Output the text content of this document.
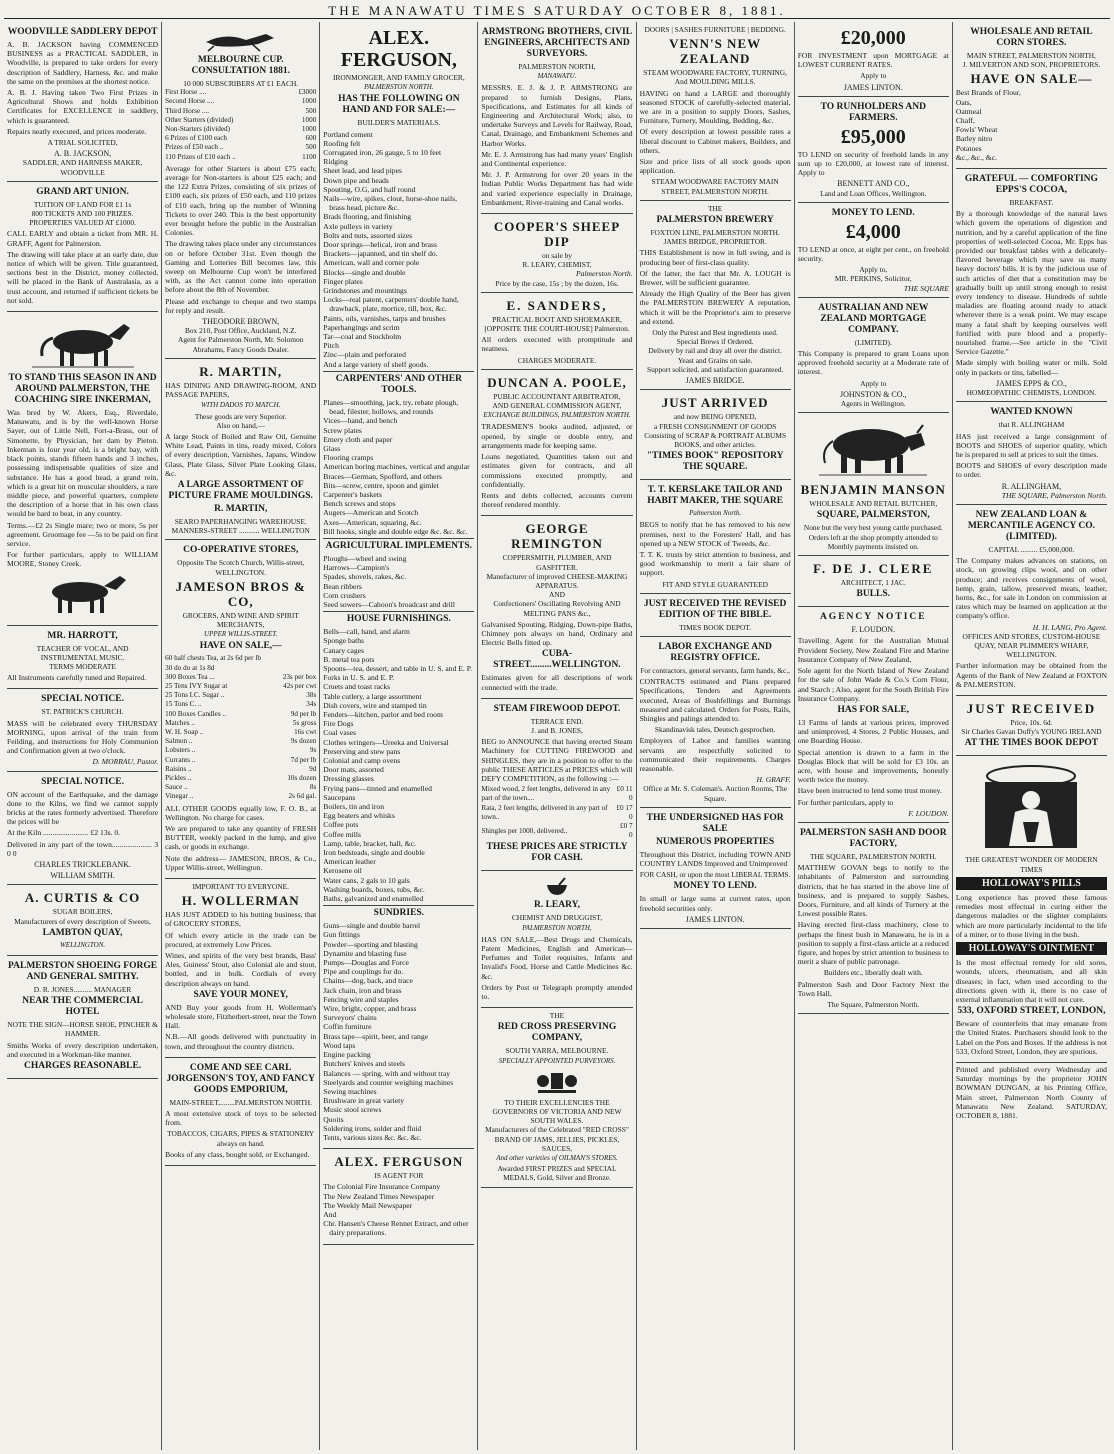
THE MANAWATU TIMES SATURDAY OCTOBER 8, 1881.
WOODVILLE SADDLERY DEPOT
A. B. JACKSON having COMMENCED BUSINESS as a PRACTICAL SADDLER, in Woodville, is prepared to take orders for every description of Saddlery, Harness, &c. and make the same on the premises at the shortest notice.
A. B. J. Having taken Two First Prizes in Agricultural Shows and holds Exhibition Certificates for EXCELLENCE in saddlery, which is guaranteed.
Repairs neatly executed, and prices moderate.
A TRIAL SOLICITED,
A. B. JACKSON,
SADDLER, AND HARNESS MAKER, WOODVILLE
GRAND ART UNION.
TUITION OF LAND FOR £1 1s
800 TICKETS AND 100 PRIZES.
PROPERTIES VALUED AT £1000.
CALL EARLY and obtain a ticket from MR. H. GRAFF, Agent for Palmerston.
The drawing will take place at an early date, due notice of which will be given. Title guaranteed, sections best in the District, money collected, will be placed in the Bank of Australasia, as a trust account, and returned if sufficient tickets be not sold.
TO STAND THIS SEASON IN AND AROUND PALMERSTON, THE COACHING SIRE INKERMAN,
Was bred by W. Akers, Esq., Riverdale, Manawatu, and is by the well-known Horse Sayer, out of Little Nell, Fort-a-Brass, out of Simonette, by Physician, her dam by Pieton. Inkerman is four year old, is a bright bay, with black points, stands fifteen hands and 3 inches, possessing indispensable qualities of size and substance. He has a good head, a grand rein, which is a great hit on muscular shoulders, a rare middle piece, and powerful quarters, complete the description of a horse that in his own class would be hard to beat, in any country.
Terms.—£2 2s Single mare; two or more, 5s per agreement. Groomage fee —5s to be paid on first service.
For further particulars, apply to WILLIAM MOORE, Stoney Creek.
MR. HARROTT,
TEACHER OF VOCAL, AND
INSTRUMENTAL MUSIC.
TERMS MODERATE
All Instruments carefully tuned and Repaired.
SPECIAL NOTICE.
ST. PATRICK'S CHURCH.
MASS will be celebrated every THURSDAY MORNING, upon arrival of the train from Feilding, and instructions for Holy Communion and Confirmation given at two o'clock.
D. MORRAU, Pastor.
SPECIAL NOTICE.
ON account of the Earthquake, and the damage done to the Kilns, we find we cannot supply bricks at the rates formerly advertised. Therefore the prices will be
At the Kiln ........................ £2 13s. 0.
Delivered in any part of the town..................... 3 0 0
CHARLES TRICKLEBANK.
WILLIAM SMITH.
A. CURTIS & CO
SUGAR BOILERS,
Manufacturers of every description of Sweets,
LAMBTON QUAY,
WELLINGTON.
PALMERSTON SHOEING FORGE AND GENERAL SMITHY.
D. R. JONES.......... MANAGER
NEAR THE COMMERCIAL HOTEL
NOTE THE SIGN—HORSE SHOE, PINCHER & HAMMER.
Smiths Works of every description undertaken, and executed in a Workman-like manner.
CHARGES REASONABLE.
MELBOURNE CUP. CONSULTATION 1881.
10 000 SUBSCRIBERS AT £1 EACH.
First Horse ....	£3000
Second Horse ....	1000
Third Horse ....	500
Other Starters (divided)	1000
Non-Starters (divided)	1000
6 Prizes of £100 each	600
Prizes of £50 each ..	500
110 Prizes of £10 each ..	1100
Average for other Starters is about £75 each; average for Non-starters is about £25 each; and the 122 Extra Prizes, consisting of six prizes of £100 each, six prizes of £50 each, and 110 prizes of £10 each, bring up the number of Winning Tickets to over 240. This is the best opportunity ever brought before the public in the Australian Colonies.
The drawing takes place under any circumstances on or before October 31st. Even though the Gaming and Lotteries Bill becomes law, this sweep on Melbourne Cup won't be interfered with, as the Act cannot come into operation before about the 8th of November.
Please add exchange to cheque and two stamps for reply and result.
THEODORE BROWN,
Box 210, Post Office, Auckland, N.Z.
Agent for Palmerston North, Mr. Solomon Abrahams, Fancy Goods Dealer.
R. MARTIN,
HAS DINING AND DRAWING-ROOM, AND PASSAGE PAPERS,
WITH DADOS TO MATCH.
These goods are very Superior.
Also on hand,—
A large Stock of Boiled and Raw Oil, Genuine White Lead, Paints in tins, ready mixed, Colors of every description, Varnishes, Japans, Window Glass, Plate Glass, Silver Plate Looking Glass, &c.
A LARGE ASSORTMENT OF PICTURE FRAME MOULDINGS.
R. MARTIN,
SEARO PAPERHANGING WAREHOUSE.
MANNERS-STREET ........... WELLINGTON
CO-OPERATIVE STORES,
Opposite The Scotch Church, Willis-street, WELLINGTON.
JAMESON BROS & CO,
GROCERS, AND WINE AND SPIRIT MERCHANTS,
UPPER WILLIS-STREET.
HAVE ON SALE,—
60 half chests Tea, at 2s 6d per lb	
30 do do at 1s 8d	
300 Boxes Tea ...	23s per box
25 Tens IVY Sugar at	42s per cwt
25 Tons I.C. Sugar ..	38s
15 Tons C. ..	34s
100 Boxes Candles ..	9d per lb
Matches ..	5s gross
W. H. Soap ..	16s cwt
Salmon ..	9s dozen
Lobsters ..	9s
Currants ..	7d per lb
Raisins ..	9d
Pickles ..	10s dozen
Sauce ..	8s
Vinegar ..	2s 6d gal.
ALL OTHER GOODS equally low, F. O. B., at Wellington. No charge for cases.
We are prepared to take any quantity of FRESH BUTTER, weekly packed in the lump, and give cash, or goods in exchange.
Note the address— JAMESON, BROS, & Co., Upper Willis-street, Wellington.
IMPORTANT TO EVERYONE.
H. WOLLERMAN
HAS JUST ADDED to his butting business, that of GROCERY STORES,
Of which every article in the trade can be procured, at extremely Low Prices.
Wines, and spirits of the very best brands, Bass' Ales, Guiness' Stout, also Colonial ale and stout, bottled, and in bulk. Cordials of every description always on hand.
SAVE YOUR MONEY,
AND Buy your goods from H. Wollerman's wholesale store, Fitzherbert-street, near the Town Hall.
N.B.—All goods delivered with punctuality in town, and throughout the country districts.
COME AND SEE CARL JORGENSON'S TOY, AND FANCY GOODS EMPORIUM,
MAIN-STREET,........PALMERSTON NORTH.
A most extensive stock of toys to be selected from.
TOBACCOS, CIGARS, PIPES & STATIONERY always on hand.
Books of any class, bought sold, or Exchanged.
ALEX. FERGUSON,
IRONMONGER, AND FAMILY GROCER,
PALMERSTON NORTH.
HAS THE FOLLOWING ON HAND AND FOR SALE:—
BUILDER'S MATERIALS.
Portland cement
Roofing felt
Corrugated iron, 26 gauge, 5 to 10 feet
Ridging
Sheet lead, and lead pipes
Down pipe and heads
Spouting, O.G, and half round
Nails—wire, spikes, clout, horse-shoe nails, brass head, picture &c.
Brads flooring, and finishing
Axle pulleys in variety
Bolts and nuts, assorted sizes
Door springs—helical, iron and brass
Brackets—japanned, and tin shelf do.
American, wall and corner pole
Blocks—single and double
Finger plates
Grindstones and mountings
Locks—real patent, carpenters' double hand, drawback, plate, mortice, till, box, &c.
Paints, oils, varnishes, tarps and brushes
Paperhangings and scrim
Tar—coal and Stockholm
Pitch
Zinc—plain and perforated
And a large variety of shelf goods.
CARPENTERS' AND OTHER TOOLS.
Planes—smoothing, jack, try, rebate plough, bead, filester, hollows, and rounds
Vices—hand, and bench
Screw plates
Emery cloth and paper
Glass
Flooring cramps
American boring machines, vertical and angular
Braces—German, Spofford, and others
Bits—screw, centre, spoon and gimlet
Carpenter's baskets
Bench screws and stops
Augers—American and Scotch
Axes—American, squaring, &c.
Bill hooks, single and double edge &c. &c. &c.
AGRICULTURAL IMPLEMENTS.
Ploughs—wheel and swing
Harrows—Campion's
Spades, shovels, rakes, &c.
Bean ribbers
Corn crushers
Seed sowers—Cahoon's broadcast and drill
HOUSE FURNISHINGS.
Bells—call, hand, and alarm
Sponge baths
Canary cages
B. metal tea pots
Spoons—tea, dessert, and table in U. S. and E. P.
Forks in U. S. and E. P.
Cruets and toast racks
Table cutlery, a large assortment
Dish covers, wire and stamped tin
Fenders—kitchen, parlor and bed room
Fire Dogs
Coal vases
Clothes wringers—Ureeka and Universal
Preserving and stew pans
Colonial and camp ovens
Door mats, assorted
Dressing glasses
Frying pans—tinned and enamelled
Saucepans
Boilers, tin and iron
Egg beaters and whisks
Coffee pots
Coffee mills
Lamp, table, bracket, hall, &c.
Iron bedsteads, single and double
American leather
Kerosene oil
Water cans, 2 gals to 10 gals
Washing boards, boxes, tubs, &c.
Baths, galvanized and enamelled
SUNDRIES.
Guns—single and double barrel
Gun fittings
Powder—sporting and blasting
Dynamite and blasting fuse
Pumps—Douglas and Force
Pipe and couplings for do.
Chains—dog, back, and trace
Jack chain, iron and brass
Fencing wire and staples
Wire, bright, copper, and brass
Surveyors' chains
Coffin furniture
Brass tape—spirit, beer, and range
Wood taps
Engine packing
Butchers' knives and steels
Balances — spring, with and without tray
Steelyards and counter weighing machines
Sewing machines
Brushware in great variety
Music stool screws
Quoits
Soldering irons, solder and fluid
Tents, various sizes &c. &c. &c.
ALEX. FERGUSON
IS AGENT FOR
The Colonial Fire Insurance Company
The New Zealand Times Newspaper
The Weekly Mail Newspaper
And
Chr. Hansen's Cheese Rennet Extract, and other dairy preparations.
ARMSTRONG BROTHERS, CIVIL ENGINEERS, ARCHITECTS AND SURVEYORS.
PALMERSTON NORTH,
MANAWATU.
MESSRS. E. J. & J. P. ARMSTRONG are prepared to furnish Designs, Plans, Specifications, and Estimates for all kinds of Engineering and Architectural Work; also, to undertake Surveys and Levels for Railway, Road, Canal, Drainage, and Embankment Schemes and Harbor Works.
Mr. E. J. Armstrong has had many years' English and Continental experience.
Mr. J. P. Armstrong for over 20 years in the Indian Public Works Department has had wide and varied experience especially in Drainage, Embankment, River-training and Canal works.
COOPER'S SHEEP DIP
on sale by
R. LEARY, CHEMIST,
Palmerston North.
Price by the case, 15s ; by the dozen, 16s.
E. SANDERS,
PRACTICAL BOOT AND SHOEMAKER,
[OPPOSITE THE COURT-HOUSE] Palmerston.
All orders executed with promptitude and neatness.
CHARGES MODERATE.
DUNCAN A. POOLE,
PUBLIC ACCOUNTANT ARBITRATOR,
AND GENERAL COMMISSION AGENT,
EXCHANGE BUILDINGS, PALMERSTON NORTH.
TRADESMEN'S books audited, adjusted, or opened, by single or double entry, and arrangements made for keeping same.
Loans negotiated, Quantities taken out and estimates given for contracts, and all commissions executed promptly, and confidentially.
Rents and debts collected, accounts current thereof rendered monthly.
GEORGE REMINGTON
COPPERSMITH, PLUMBER, AND GASFITTER.
Manufacturer of improved CHEESE-MAKING APPARATUS.
AND
Confectioners' Oscillating Revolving AND MELTING PANS &c.,
Galvanised Spouting, Ridging, Down-pipe Baths, Chimney pots always on hand, Ordinary and Electric Bells fitted up.
CUBA-STREET.........WELLINGTON.
Estimates given for all descriptions of work connected with the trade.
STEAM FIREWOOD DEPOT.
TERRACE END.
J. and B. JONES,
BEG to ANNOUNCE that having erected Steam Machinery for CUTTING FIREWOOD and SHINGLES, they are in a position to offer to the public THESE ARTICLES at PRICES which will DEFY COMPETITION, as the following :—
Mixed wood, 2 feet lengths, delivered in any part of the town....	£0 11 0
Rata, 2 feet lengths, delivered in any part of town..	£0 17 0
Shingles per 1000, delivered..	£0 7 0
THESE PRICES ARE STRICTLY FOR CASH.
R. LEARY,
CHEMIST AND DRUGGIST,
PALMERSTON NORTH,
HAS ON SALE,—Best Drugs and Chemicals, Patent Medicines, English and American—Perfumes and Toilet requisites, Infants and Invalid's Food, Horse and Cattle Medicines &c. &c.
Orders by Post or Telegraph promptly attended to.
THE
RED CROSS PRESERVING COMPANY,
SOUTH YARRA, MELBOURNE.
SPECIALLY APPOINTED PURVEYORS.
TO THEIR EXCELLENCIES THE GOVERNORS OF VICTORIA AND NEW SOUTH WALES.
Manufacturers of the Celebrated "RED CROSS" BRAND OF JAMS, JELLIES, PICKLES, SAUCES,
And other varieties of OILMAN'S STORES.
Awarded FIRST PRIZES and SPECIAL MEDALS, Gold, Silver and Bronze.
DOORS | SASHES FURNITURE | BEDDING.
VENN'S NEW ZEALAND
STEAM WOODWARE FACTORY, TURNING,
And MOULDING MILLS.
HAVING on hand a LARGE and thoroughly seasoned STOCK of carefully-selected material, we are in a position to supply Doors, Sashes, Furniture, Turnery, Moulding, Bedding, &c.
Of every description at lowest possible rates a liberal discount to Cabinet makers, Builders, and others.
Size and price lists of all stock goods upon application.
STEAM WOODWARE FACTORY MAIN STREET, PALMERSTON NORTH.
THE
PALMERSTON BREWERY
FOXTON LINE, PALMERSTON NORTH.
JAMES BRIDGE, PROPRIETOR.
THIS Establishment is now in full swing, and is producing beer of first-class quality.
Of the latter, the fact that Mr. A. LOUGH is Brewer, will be sufficient guarantee.
Already the High Quality of the Beer has given the PALMERSTON BREWERY A reputation, which it will be the Proprietor's aim to preserve and extend.
Only the Purest and Best ingredients used.
Special Brews if Ordered.
Delivery by rail and dray all over the district.
Yeast and Grains on sale.
Support solicited, and satisfaction guaranteed.
JAMES BRIDGE.
JUST ARRIVED
and now BEING OPENED,
a FRESH CONSIGNMENT OF GOODS Consisting of SCRAP & PORTRAIT ALBUMS BOOKS, and other articles.
"TIMES BOOK" REPOSITORY THE SQUARE.
T. T. KERSLAKE TAILOR AND HABIT MAKER, THE SQUARE
Palmerston North.
BEGS to notify that he has removed to his new premises, next to the Foresters' Hall, and has opened up a NEW STOCK of Tweeds, &c.
T. T. K. trusts by strict attention to business, and good workmanship to merit a fair share of support.
FIT AND STYLE GUARANTEED
JUST RECEIVED THE REVISED EDITION OF THE BIBLE.
TIMES BOOK DEPOT.
LABOR EXCHANGE AND REGISTRY OFFICE.
For contractors, general servants, farm hands, &c.,
CONTRACTS estimated and Plans prepared Specifications, Tenders and Agreements executed, Areas of Bushfellings and Burnings measured and calculated. Orders for Posts, Rails, Shingles and palings attended to.
Skandinavisk tales, Deutsch gesprochen.
Employers of Labor and families wanting servants are respectfully solicited to communicated their requirements. Charges reasonable.
H. GRAFF.
Office at Mr. S. Coleman's. Auction Rooms, The Square.
THE UNDERSIGNED HAS FOR SALE
NUMEROUS PROPERTIES
Throughout this District, including TOWN AND COUNTRY LANDS Improved and Unimproved
FOR CASH, or upon the most LIBERAL TERMS.
MONEY TO LEND.
In small or large sums at current rates, upon freehold securities only.
JAMES LINTON.
£20,000
FOR INVESTMENT upon MORTGAGE at LOWEST CURRENT RATES.
Apply to
JAMES LINTON.
TO RUNHOLDERS AND FARMERS.
£95,000
TO LEND on security of freehold lands in any sum up to £20,000, at lowest rate of interest. Apply to
BENNETT AND CO.,
Land and Loan Offices, Wellington.
MONEY TO LEND.
£4,000
TO LEND at once, at eight per cent., on freehold security.
Apply to,
MR. PERKINS, Solicitor,
THE SQUARE
AUSTRALIAN AND NEW ZEALAND MORTGAGE COMPANY.
(LIMITED).
This Company is prepared to grant Loans upon approved freehold security at a Moderate rate of interest.
Apply to
JOHNSTON & CO.,
Agents in Wellington.
BENJAMIN MANSON
WHOLESALE AND RETAIL BUTCHER,
SQUARE, PALMERSTON,
None but the very best young cattle purchased.
Orders left at the shop promptly attended to
Monthly payments insisted on.
F. DE J. CLERE
ARCHITECT, 1 JAC.
BULLS.
AGENCY NOTICE
F. LOUDON.
Travelling Agent for the Australian Mutual Provident Society, New Zealand Fire and Marine Insurance Company of New Zealand,
Sole agent for the North Island of New Zealand for the sale of John Wade & Co.'s Corn Flour, and Starch ; Also, agent for the South British Fire Insurance Company.
HAS FOR SALE,
13 Farms of lands at various prices, improved and unimproved, 4 Stores, 2 Public Houses, and one Boarding House.
Special attention is drawn to a farm in the Douglas Block that will be sold for £3 10s. an acre, with house and improvements, honestly worth twice the money.
Have been instructed to lend some trust money.
For further particulars, apply to
F. LOUDON.
PALMERSTON SASH AND DOOR FACTORY,
THE SQUARE, PALMERSTON NORTH.
MATTHEW GOVAN begs to notify to the inhabitants of Palmerston and surrounding districts, that he has started in the above line of business, and is prepared to supply Sashes, Doors, Furniture, and all kinds of Turnery at the Lowest possible Rates.
Having erected first-class machinery, close to perhaps the finest bush in Manawatu, he is in a position to supply a first-class article at a reduced figure, and hopes by strict attention to business to merit a share of public patronage.
Builders etc., liberally dealt with.
Palmerston Sash and Door Factory Next the Town Hall,
The Square, Palmerston North.
WHOLESALE AND RETAIL CORN STORES.
MAIN STREET, PALMERSTON NORTH,
J. MILVERTON AND SON, PROPRIETORS.
HAVE ON SALE—
Best Brands of Flour,
Oats,
Oatmeal
Chaff,
Fowls' Wheat
Barley nitro
Potatoes
&c., &c., &c.
GRATEFUL — COMFORTING EPPS'S COCOA,
BREAKFAST.
By a thorough knowledge of the natural laws which govern the operations of digestion and nutrition, and by a careful application of the fine properties of well-selected Cocoa, Mr. Epps has provided our breakfast tables with a delicately-flavored beverage which may save us many heavy doctors' bills. It is by the judicious use of such articles of diet that a constitution may be gradually built up until strong enough to resist every tendency to disease. Hundreds of subtle maladies are floating around ready to attack wherever there is a weak point. We may escape many a fatal shaft by keeping ourselves well fortified with pure blood and a properly-nourished frame.—See article in the "Civil Service Gazette."
Made simply with boiling water or milk. Sold only in packets or tins, labelled—
JAMES EPPS & CO.,
HOMŒOPATHIC CHEMISTS, LONDON.
WANTED KNOWN
that R. ALLINGHAM
HAS just received a large consignment of BOOTS and SHOES of superior quality, which he is prepared to sell at prices to suit the times.
BOOTS and SHOES of every description made to order.
R. ALLINGHAM,
THE SQUARE, Palmerston North.
NEW ZEALAND LOAN & MERCANTILE AGENCY CO. (LIMITED).
CAPITAL ......... £5,000,000.
The Company makes advances on stations, on stock, on growing clips wool, and on other produce; and receives consignments of wool, hemp, grain, tallow, preserved meats, leather, horns, &c., for sale in London on commission at rates which may be learned on application at the company's office.
H. H. LANG, Pro Agent.
OFFICES AND STORES, CUSTOM-HOUSE QUAY, NEAR PLIMMER'S WHARF, WELLINGTON.
Further information may be obtained from the Agents of the Bank of New Zealand at FOXTON & PALMERSTON.
JUST RECEIVED
Price, 10s. 6d.
Sir Charles Gavan Duffy's YOUNG IRELAND
AT THE TIMES BOOK DEPOT
THE GREATEST WONDER OF MODERN TIMES
HOLLOWAY'S PILLS
Long experience has proved these famous remedies most effectual in curing either the dangerous maladies or the slighter complaints which are more particularly incidental to the life of a miner, or to those living in the bush.
HOLLOWAY'S OINTMENT
Is the most effectual remedy for old sores, wounds, ulcers, rheumatism, and all skin diseases; in fact, when used according to the directions given with it, there is no case of external inflammation that it will not cure.
533, OXFORD STREET, LONDON,
Beware of counterfeits that may emanate from the United States. Purchasers should look to the Label on the Pots and Boxes. If the address is not 533, Oxford Street, London, they are spurious.
Printed and published every Wednesday and Saturday mornings by the proprietor JOHN BOWMAN DUNGAN, at his Printing Office, Main street, Palmerston North County of Manawatu New Zealand. SATURDAY, OCTOBER 8, 1881.
